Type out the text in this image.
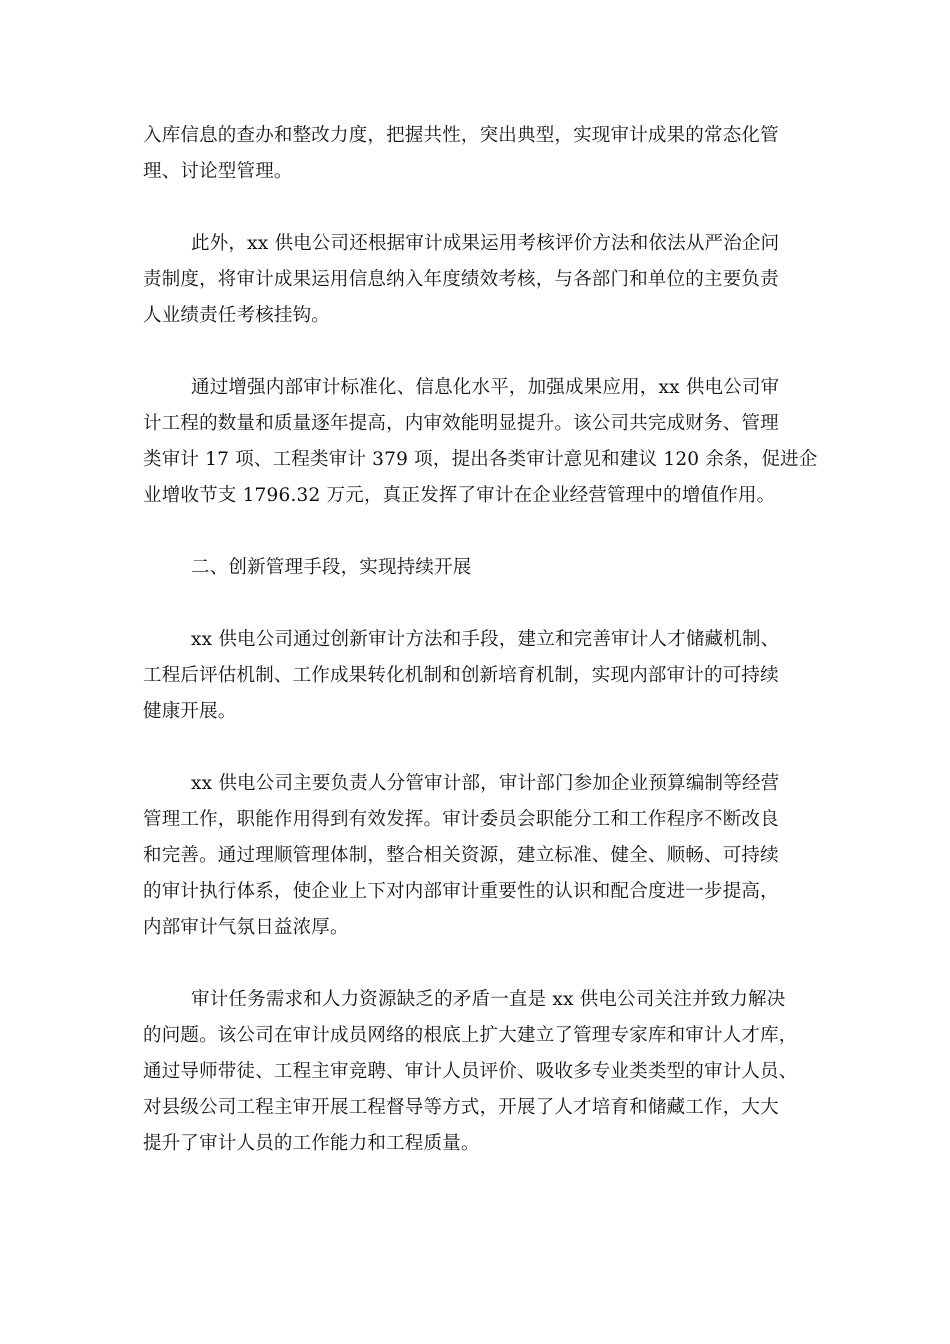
入库信息的查办和整改力度，把握共性，突出典型，实现审计成果的常态化管
理、讨论型管理。

此外，xx 供电公司还根据审计成果运用考核评价方法和依法从严治企问
责制度，将审计成果运用信息纳入年度绩效考核，与各部门和单位的主要负责
人业绩责任考核挂钩。

通过增强内部审计标准化、信息化水平，加强成果应用，xx 供电公司审
计工程的数量和质量逐年提高，内审效能明显提升。该公司共完成财务、管理
类审计 17 项、工程类审计 379 项，提出各类审计意见和建议 120 余条，促进企
业增收节支 1796.32 万元，真正发挥了审计在企业经营管理中的增值作用。

二、创新管理手段，实现持续开展

xx 供电公司通过创新审计方法和手段，建立和完善审计人才储藏机制、
工程后评估机制、工作成果转化机制和创新培育机制，实现内部审计的可持续
健康开展。

xx 供电公司主要负责人分管审计部，审计部门参加企业预算编制等经营
管理工作，职能作用得到有效发挥。审计委员会职能分工和工作程序不断改良
和完善。通过理顺管理体制，整合相关资源，建立标准、健全、顺畅、可持续
的审计执行体系，使企业上下对内部审计重要性的认识和配合度进一步提高，
内部审计气氛日益浓厚。

审计任务需求和人力资源缺乏的矛盾一直是 xx 供电公司关注并致力解决
的问题。该公司在审计成员网络的根底上扩大建立了管理专家库和审计人才库，
通过导师带徒、工程主审竞聘、审计人员评价、吸收多专业类类型的审计人员、
对县级公司工程主审开展工程督导等方式，开展了人才培育和储藏工作，大大
提升了审计人员的工作能力和工程质量。
